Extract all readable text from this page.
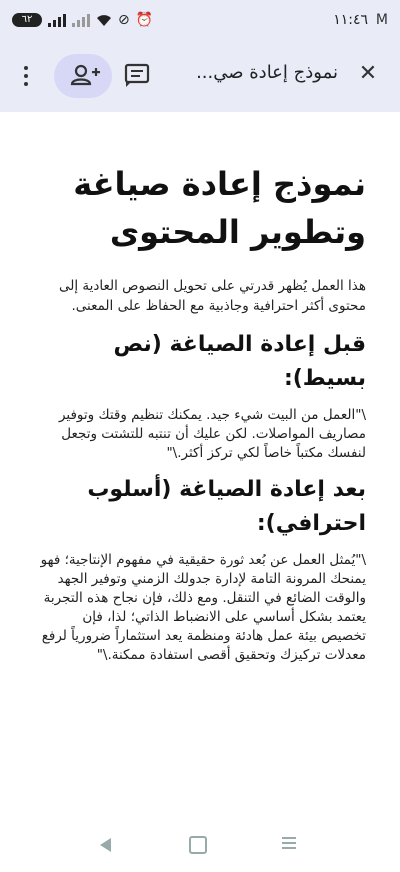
M
١١:٤٦
٦٢	⊘ ⏰
✕
نموذج إعادة صي...
نموذج إعادة صياغة وتطوير المحتوى

هذا العمل يُظهر قدرتي على تحويل النصوص العادية إلى محتوى أكثر احترافية وجاذبية مع الحفاظ على المعنى.

قبل إعادة الصياغة (نص بسيط):

\"العمل من البيت شيء جيد. يمكنك تنظيم وقتك وتوفير مصاريف المواصلات. لكن عليك أن تنتبه للتشتت وتجعل لنفسك مكتباً خاصاً لكي تركز أكثر.\"

بعد إعادة الصياغة (أسلوب احترافي):

\"يُمثل العمل عن بُعد ثورة حقيقية في مفهوم الإنتاجية؛ فهو يمنحك المرونة التامة لإدارة جدولك الزمني وتوفير الجهد والوقت الضائع في التنقل. ومع ذلك، فإن نجاح هذه التجربة يعتمد بشكل أساسي على الانضباط الذاتي؛ لذا، فإن تخصيص بيئة عمل هادئة ومنظمة يعد استثماراً ضرورياً لرفع معدلات تركيزك وتحقيق أقصى استفادة ممكنة.\"
